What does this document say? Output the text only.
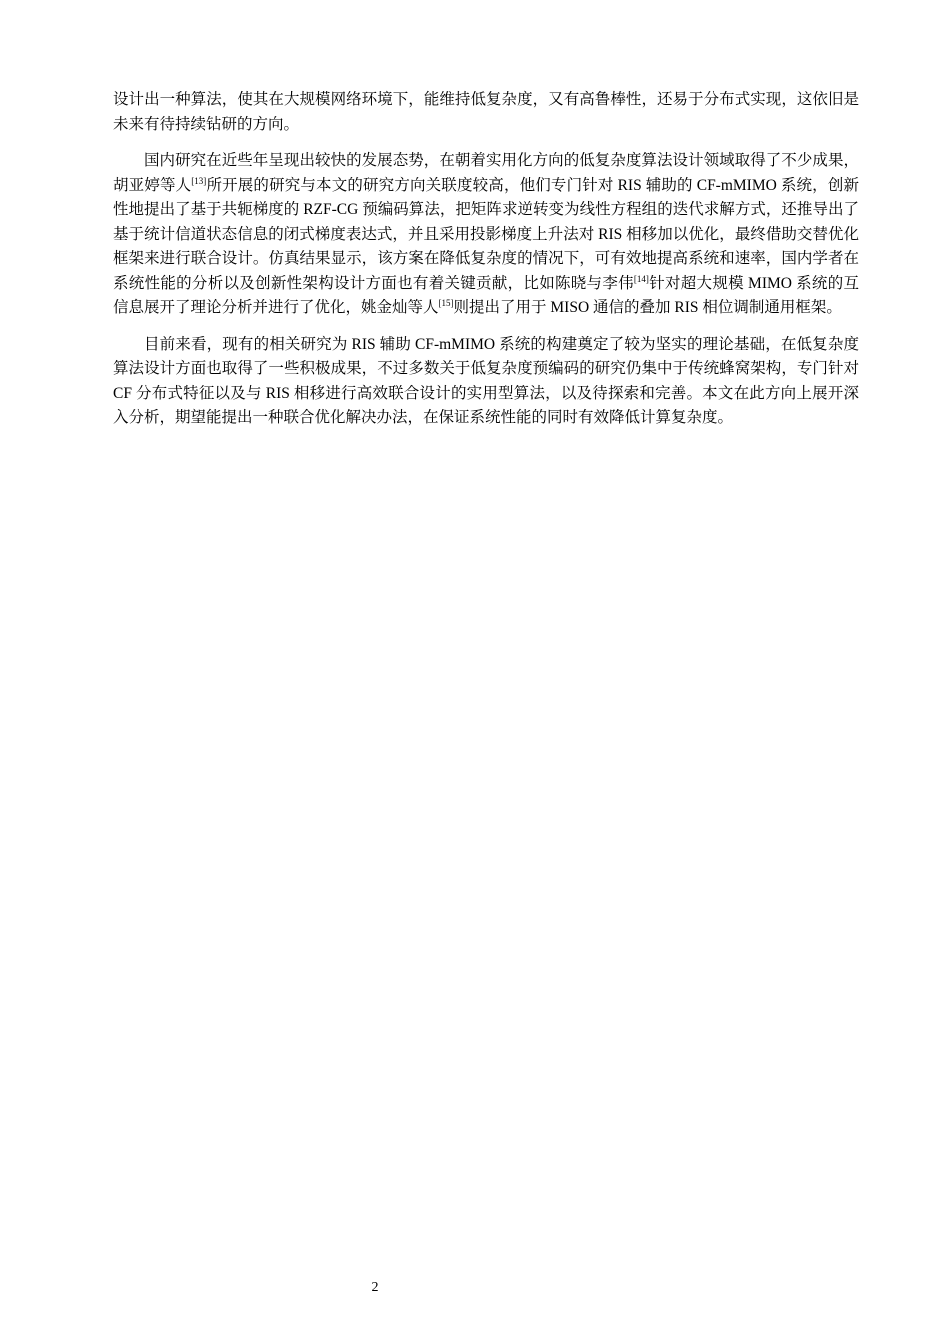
设计出一种算法，使其在大规模网络环境下，能维持低复杂度，又有高鲁棒性，还易于分布式实现，这依旧是未来有待持续钻研的方向。

国内研究在近些年呈现出较快的发展态势，在朝着实用化方向的低复杂度算法设计领域取得了不少成果，胡亚婷等人[13]所开展的研究与本文的研究方向关联度较高，他们专门针对 RIS 辅助的 CF-mMIMO 系统，创新性地提出了基于共轭梯度的 RZF-CG 预编码算法，把矩阵求逆转变为线性方程组的迭代求解方式，还推导出了基于统计信道状态信息的闭式梯度表达式，并且采用投影梯度上升法对 RIS 相移加以优化，最终借助交替优化框架来进行联合设计。仿真结果显示，该方案在降低复杂度的情况下，可有效地提高系统和速率，国内学者在系统性能的分析以及创新性架构设计方面也有着关键贡献，比如陈晓与李伟[14]针对超大规模 MIMO 系统的互信息展开了理论分析并进行了优化，姚金灿等人[15]则提出了用于 MISO 通信的叠加 RIS 相位调制通用框架。

目前来看，现有的相关研究为 RIS 辅助 CF-mMIMO 系统的构建奠定了较为坚实的理论基础，在低复杂度算法设计方面也取得了一些积极成果，不过多数关于低复杂度预编码的研究仍集中于传统蜂窝架构，专门针对 CF 分布式特征以及与 RIS 相移进行高效联合设计的实用型算法，以及待探索和完善。本文在此方向上展开深入分析，期望能提出一种联合优化解决办法，在保证系统性能的同时有效降低计算复杂度。

2
